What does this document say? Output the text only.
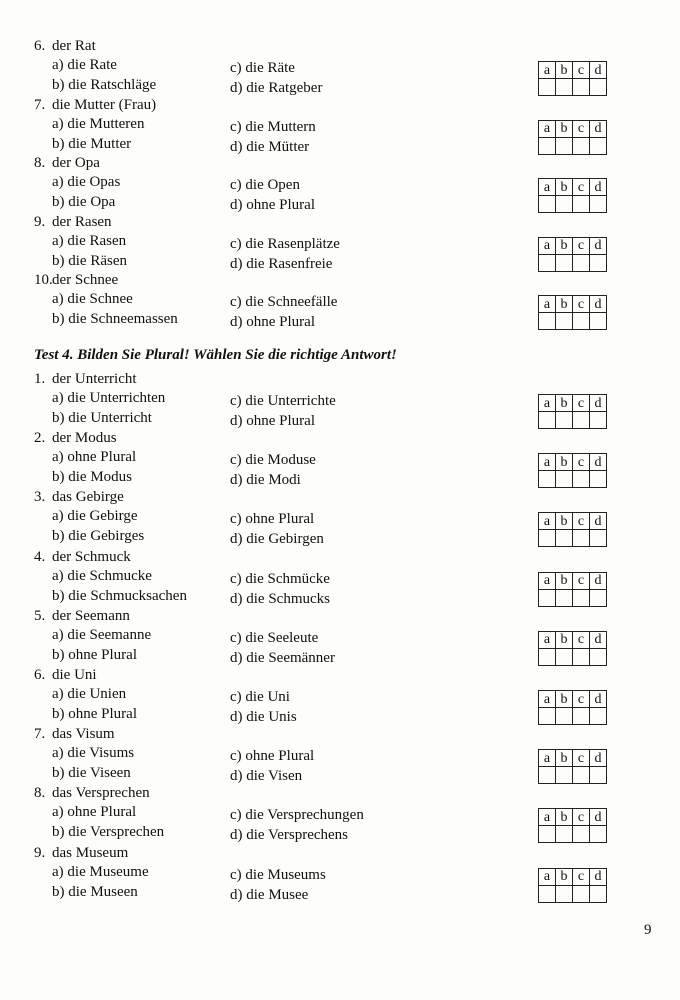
6. der Rat
a) die Rate
b) die Ratschläge
c) die Räte
d) die Ratgeber
a	b	c	d

7. die Mutter (Frau)
a) die Mutteren
b) die Mutter
c) die Muttern
d) die Mütter
a	b	c	d

8. der Opa
a) die Opas
b) die Opa
c) die Open
d) ohne Plural
a	b	c	d

9. der Rasen
a) die Rasen
b) die Räsen
c) die Rasenplätze
d) die Rasenfreie
a	b	c	d

10.der Schnee
a) die Schnee
b) die Schneemassen
c) die Schneefälle
d) ohne Plural
a	b	c	d

Test 4. Bilden Sie Plural! Wählen Sie die richtige Antwort!
1. der Unterricht
a) die Unterrichten
b) die Unterricht
c) die Unterrichte
d) ohne Plural
a	b	c	d

2. der Modus
a) ohne Plural
b) die Modus
c) die Moduse
d) die Modi
a	b	c	d

3. das Gebirge
a) die Gebirge
b) die Gebirges
c) ohne Plural
d) die Gebirgen
a	b	c	d

4. der Schmuck
a) die Schmucke
b) die Schmucksachen
c) die Schmücke
d) die Schmucks
a	b	c	d

5. der Seemann
a) die Seemanne
b) ohne Plural
c) die Seeleute
d) die Seemänner
a	b	c	d

6. die Uni
a) die Unien
b) ohne Plural
c) die Uni
d) die Unis
a	b	c	d

7. das Visum
a) die Visums
b) die Viseen
c) ohne Plural
d) die Visen
a	b	c	d

8. das Versprechen
a) ohne Plural
b) die Versprechen
c) die Versprechungen
d) die Versprechens
a	b	c	d

9. das Museum
a) die Museume
b) die Museen
c) die Museums
d) die Musee
a	b	c	d

9
